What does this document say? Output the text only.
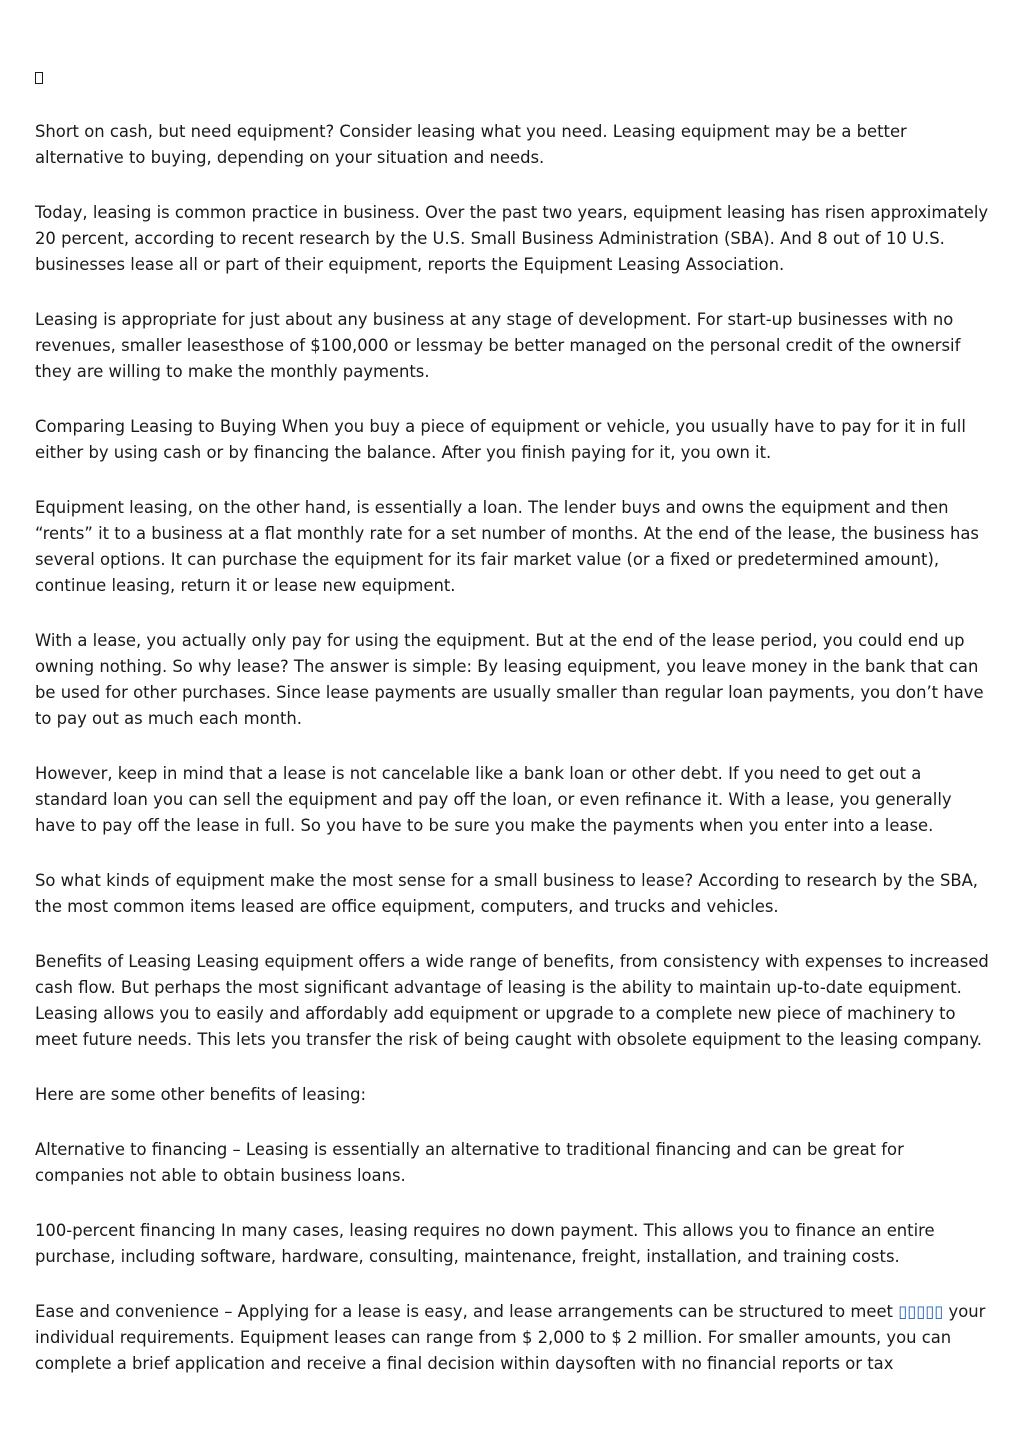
Short on cash, but need equipment? Consider leasing what you need. Leasing equipment may be a better alternative to buying, depending on your situation and needs.

Today, leasing is common practice in business. Over the past two years, equipment leasing has risen approximately 20 percent, according to recent research by the U.S. Small Business Administration (SBA). And 8 out of 10 U.S. businesses lease all or part of their equipment, reports the Equipment Leasing Association.

Leasing is appropriate for just about any business at any stage of development. For start-up businesses with no revenues, smaller leasesthose of $100,000 or lessmay be better managed on the personal credit of the ownersif they are willing to make the monthly payments.

Comparing Leasing to Buying When you buy a piece of equipment or vehicle, you usually have to pay for it in full either by using cash or by financing the balance. After you finish paying for it, you own it.

Equipment leasing, on the other hand, is essentially a loan. The lender buys and owns the equipment and then “rents” it to a business at a flat monthly rate for a set number of months. At the end of the lease, the business has several options. It can purchase the equipment for its fair market value (or a fixed or predetermined amount), continue leasing, return it or lease new equipment.

With a lease, you actually only pay for using the equipment. But at the end of the lease period, you could end up owning nothing. So why lease? The answer is simple: By leasing equipment, you leave money in the bank that can be used for other purchases. Since lease payments are usually smaller than regular loan payments, you don’t have to pay out as much each month.

However, keep in mind that a lease is not cancelable like a bank loan or other debt. If you need to get out a standard loan you can sell the equipment and pay off the loan, or even refinance it. With a lease, you generally have to pay off the lease in full. So you have to be sure you make the payments when you enter into a lease.

So what kinds of equipment make the most sense for a small business to lease? According to research by the SBA, the most common items leased are office equipment, computers, and trucks and vehicles.

Benefits of Leasing Leasing equipment offers a wide range of benefits, from consistency with expenses to increased cash flow. But perhaps the most significant advantage of leasing is the ability to maintain up-to-date equipment. Leasing allows you to easily and affordably add equipment or upgrade to a complete new piece of machinery to meet future needs. This lets you transfer the risk of being caught with obsolete equipment to the leasing company.

Here are some other benefits of leasing:

Alternative to financing – Leasing is essentially an alternative to traditional financing and can be great for companies not able to obtain business loans.

100-percent financing In many cases, leasing requires no down payment. This allows you to finance an entire purchase, including software, hardware, consulting, maintenance, freight, installation, and training costs.

Ease and convenience – Applying for a lease is easy, and lease arrangements can be structured to meet ▯▯▯▯▯ your individual requirements. Equipment leases can range from $ 2,000 to $ 2 million. For smaller amounts, you can complete a brief application and receive a final decision within daysoften with no financial reports or tax
